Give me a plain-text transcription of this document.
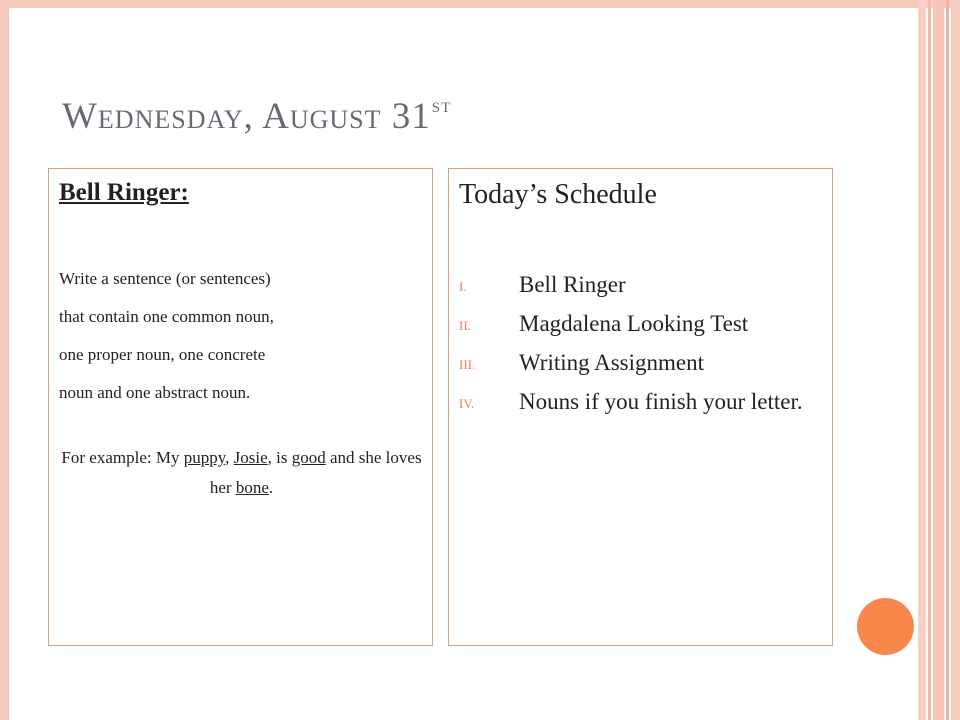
Wednesday, August 31st
Bell Ringer:
Write a sentence (or sentences)
that contain one common noun,
one proper noun, one concrete
noun and one abstract noun.
For example: My puppy, Josie, is good and she loves her bone.
Today’s Schedule
I. Bell Ringer
II. Magdalena Looking Test
III. Writing Assignment
IV. Nouns if you finish your letter.
